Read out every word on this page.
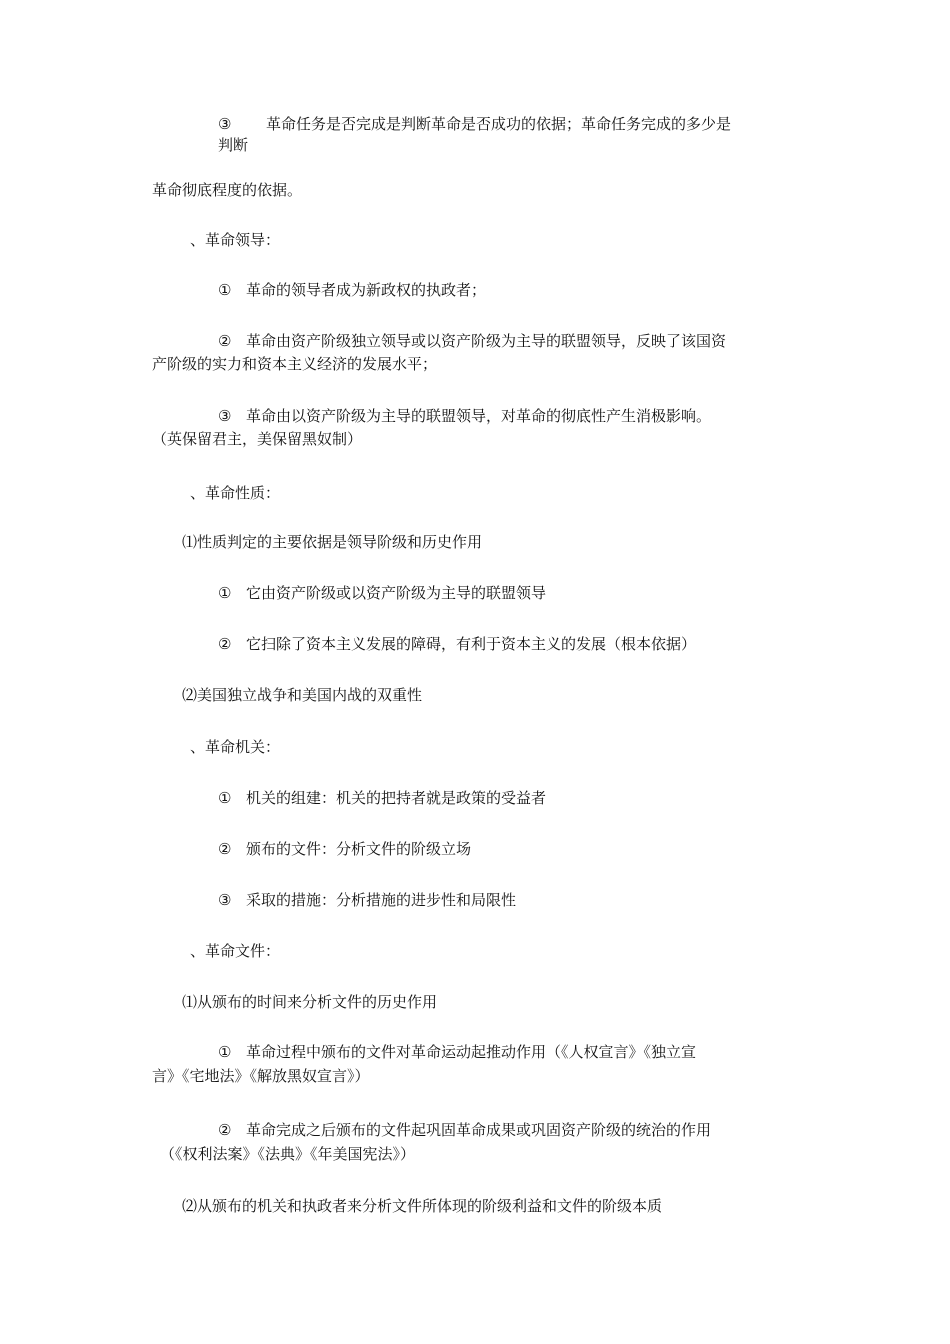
③ 革命任务是否完成是判断革命是否成功的依据；革命任务完成的多少是
判断
革命彻底程度的依据。
、革命领导：
① 革命的领导者成为新政权的执政者；
② 革命由资产阶级独立领导或以资产阶级为主导的联盟领导，反映了该国资
产阶级的实力和资本主义经济的发展水平；
③ 革命由以资产阶级为主导的联盟领导，对革命的彻底性产生消极影响。
（英保留君主，美保留黑奴制）
、革命性质：
⑴性质判定的主要依据是领导阶级和历史作用
① 它由资产阶级或以资产阶级为主导的联盟领导
② 它扫除了资本主义发展的障碍，有利于资本主义的发展（根本依据）
⑵美国独立战争和美国内战的双重性
、革命机关：
① 机关的组建：机关的把持者就是政策的受益者
② 颁布的文件：分析文件的阶级立场
③ 采取的措施：分析措施的进步性和局限性
、革命文件：
⑴从颁布的时间来分析文件的历史作用
① 革命过程中颁布的文件对革命运动起推动作用（《人权宣言》《独立宣
言》《宅地法》《解放黑奴宣言》）
② 革命完成之后颁布的文件起巩固革命成果或巩固资产阶级的统治的作用
（《权利法案》《法典》《年美国宪法》）
⑵从颁布的机关和执政者来分析文件所体现的阶级利益和文件的阶级本质
